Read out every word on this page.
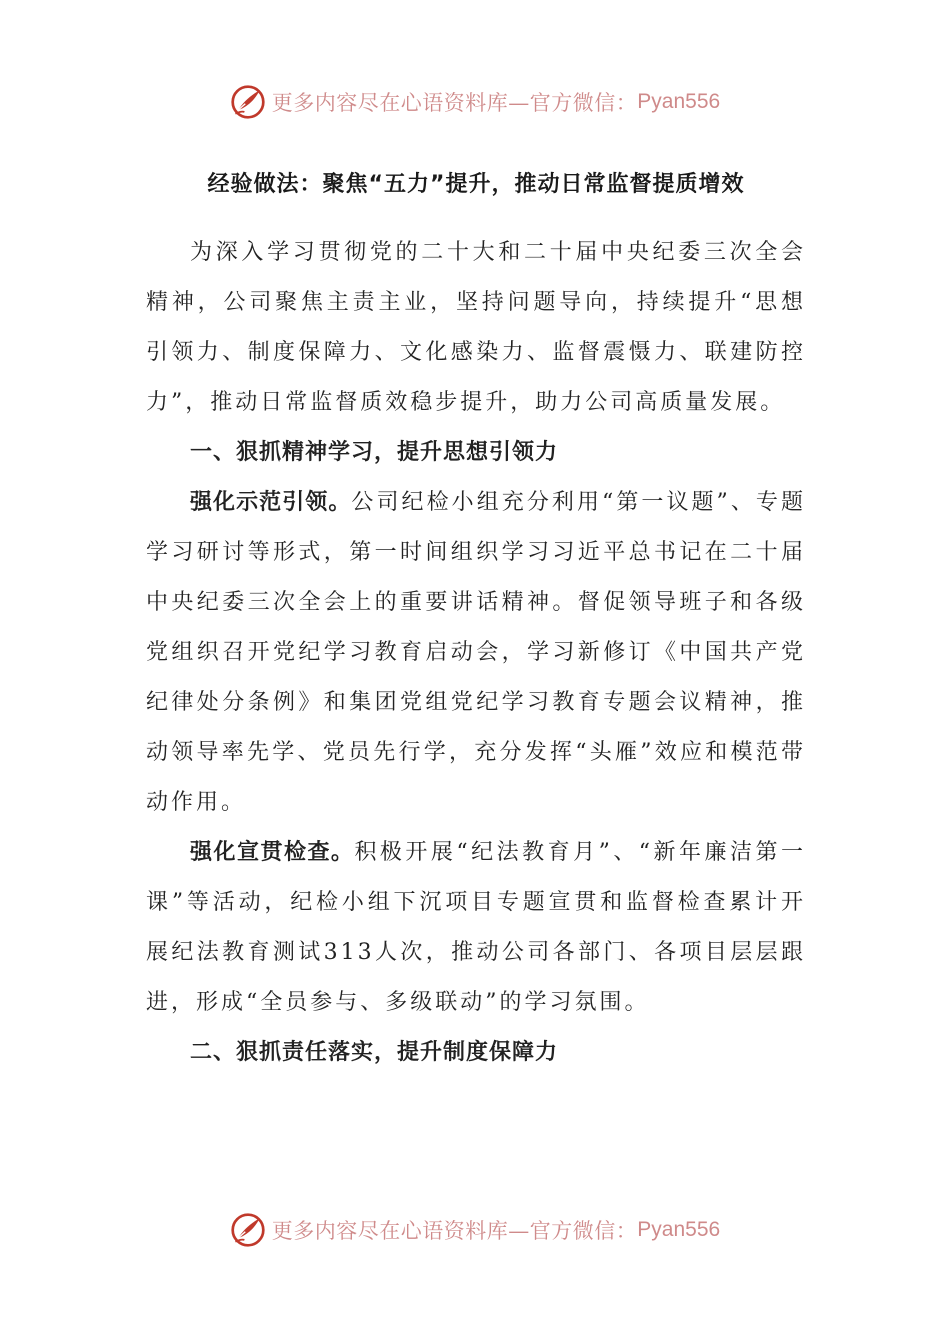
更多内容尽在心语资料库—官方微信： Pyan556
经验做法：聚焦“五力”提升，推动日常监督提质增效

为深入学习贯彻党的二十大和二十届中央纪委三次全会精神，公司聚焦主责主业，坚持问题导向，持续提升“思想引领力、制度保障力、文化感染力、监督震慑力、联建防控力”，推动日常监督质效稳步提升，助力公司高质量发展。

一、狠抓精神学习，提升思想引领力

强化示范引领。公司纪检小组充分利用“第一议题”、专题学习研讨等形式，第一时间组织学习习近平总书记在二十届中央纪委三次全会上的重要讲话精神。督促领导班子和各级党组织召开党纪学习教育启动会，学习新修订《中国共产党纪律处分条例》和集团党组党纪学习教育专题会议精神，推动领导率先学、党员先行学，充分发挥“头雁”效应和模范带动作用。

强化宣贯检查。积极开展“纪法教育月”、“新年廉洁第一课”等活动，纪检小组下沉项目专题宣贯和监督检查累计开展纪法教育测试313人次，推动公司各部门、各项目层层跟进，形成“全员参与、多级联动”的学习氛围。

二、狠抓责任落实，提升制度保障力

更多内容尽在心语资料库—官方微信： Pyan556
